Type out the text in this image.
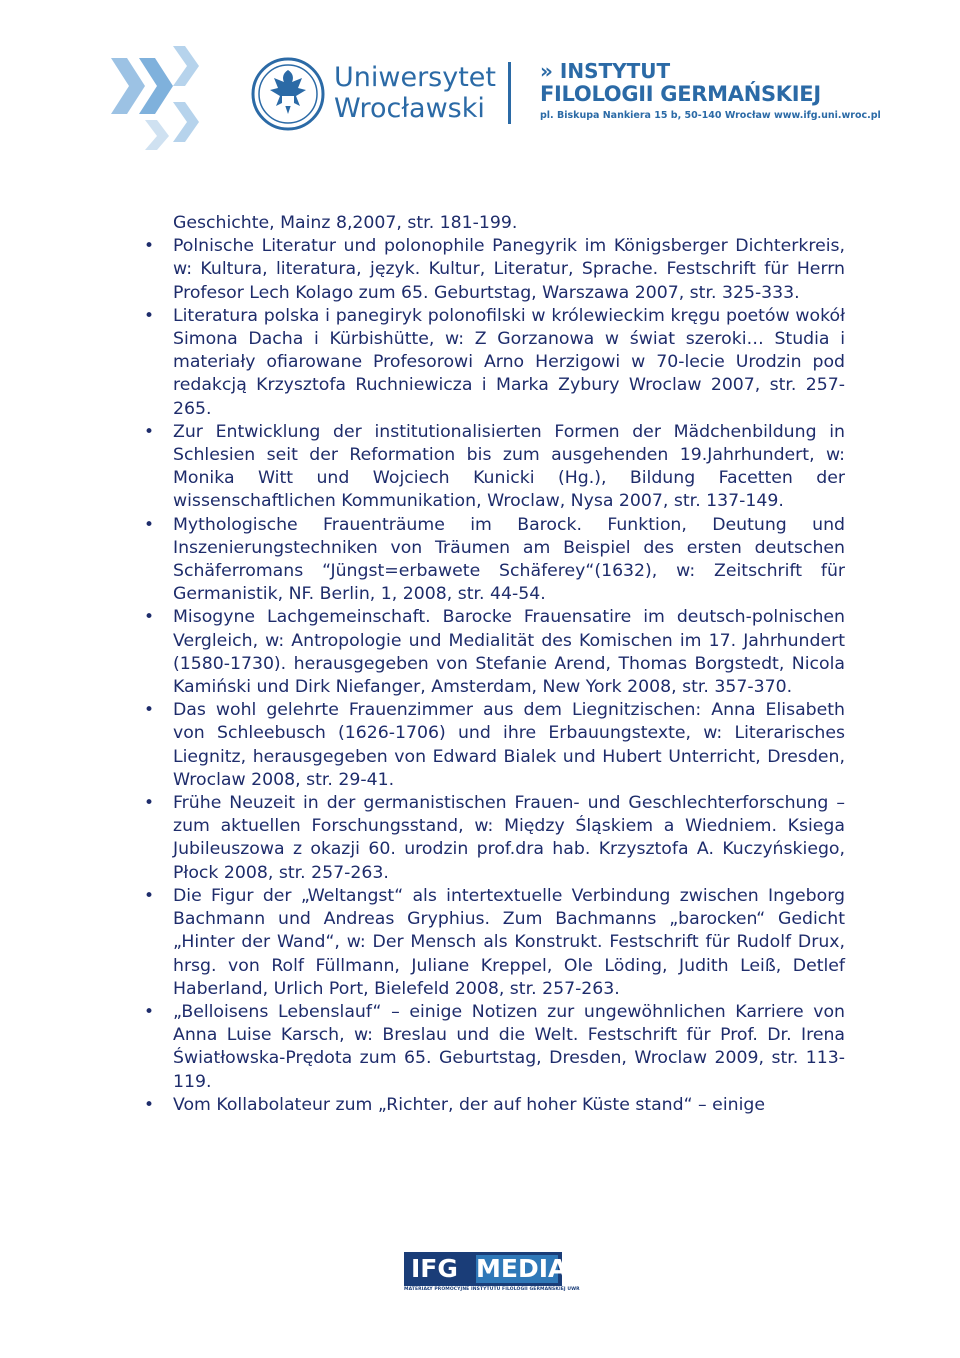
Uniwersytet
Wrocławski
» INSTYTUT
FILOLOGII GERMAŃSKIEJ
pl. Biskupa Nankiera 15 b, 50-140 Wrocław www.ifg.uni.wroc.pl

Geschichte, Mainz 8,2007, str. 181-199.

• Polnische Literatur und polonophile Panegyrik im Königsberger Dichterkreis, w: Kultura, literatura, język. Kultur, Literatur, Sprache. Festschrift für Herrn Profesor Lech Kolago zum 65. Geburtstag, Warszawa 2007, str. 325-333.
• Literatura polska i panegiryk polonofilski w królewieckim kręgu poetów wokół Simona Dacha i Kürbishütte, w: Z Gorzanowa w świat szeroki… Studia i materiały ofiarowane Profesorowi Arno Herzigowi w 70-lecie Urodzin pod redakcją Krzysztofa Ruchniewicza i Marka Zybury Wroclaw 2007, str. 257-265.
• Zur Entwicklung der institutionalisierten Formen der Mädchenbildung in Schlesien seit der Reformation bis zum ausgehenden 19.Jahrhundert, w: Monika Witt und Wojciech Kunicki (Hg.), Bildung Facetten der wissenschaftlichen Kommunikation, Wroclaw, Nysa 2007, str. 137-149.
• Mythologische Frauenträume im Barock. Funktion, Deutung und Inszenierungstechniken von Träumen am Beispiel des ersten deutschen Schäferromans “Jüngst=erbawete Schäferey“(1632), w: Zeitschrift für Germanistik, NF. Berlin, 1, 2008, str. 44-54.
• Misogyne Lachgemeinschaft. Barocke Frauensatire im deutsch-polnischen Vergleich, w: Antropologie und Medialität des Komischen im 17. Jahrhundert (1580-1730). herausgegeben von Stefanie Arend, Thomas Borgstedt, Nicola Kamiński und Dirk Niefanger, Amsterdam, New York 2008, str. 357-370.
• Das wohl gelehrte Frauenzimmer aus dem Liegnitzischen: Anna Elisabeth von Schleebusch (1626-1706) und ihre Erbauungstexte, w: Literarisches Liegnitz, herausgegeben von Edward Bialek und Hubert Unterricht, Dresden, Wroclaw 2008, str. 29-41.
• Frühe Neuzeit in der germanistischen Frauen- und Geschlechterforschung – zum aktuellen Forschungsstand, w: Między Śląskiem a Wiedniem. Ksiega Jubileuszowa z okazji 60. urodzin prof.dra hab. Krzysztofa A. Kuczyńskiego, Płock 2008, str. 257-263.
• Die Figur der „Weltangst“ als intertextuelle Verbindung zwischen Ingeborg Bachmann und Andreas Gryphius. Zum Bachmanns „barocken“ Gedicht „Hinter der Wand“, w: Der Mensch als Konstrukt. Festschrift für Rudolf Drux, hrsg. von Rolf Füllmann, Juliane Kreppel, Ole Löding, Judith Leiß, Detlef Haberland, Urlich Port, Bielefeld 2008, str. 257-263.
• „Belloisens Lebenslauf“ – einige Notizen zur ungewöhnlichen Karriere von Anna Luise Karsch, w: Breslau und die Welt. Festschrift für Prof. Dr. Irena Światłowska-Prędota zum 65. Geburtstag, Dresden, Wroclaw 2009, str. 113-119.
• Vom Kollabolateur zum „Richter, der auf hoher Küste stand“ – einige
IFG MEDIA
MATERIAŁY PROMOCYJNE INSTYTUTU FILOLOGII GERMAŃSKIEJ UWR
